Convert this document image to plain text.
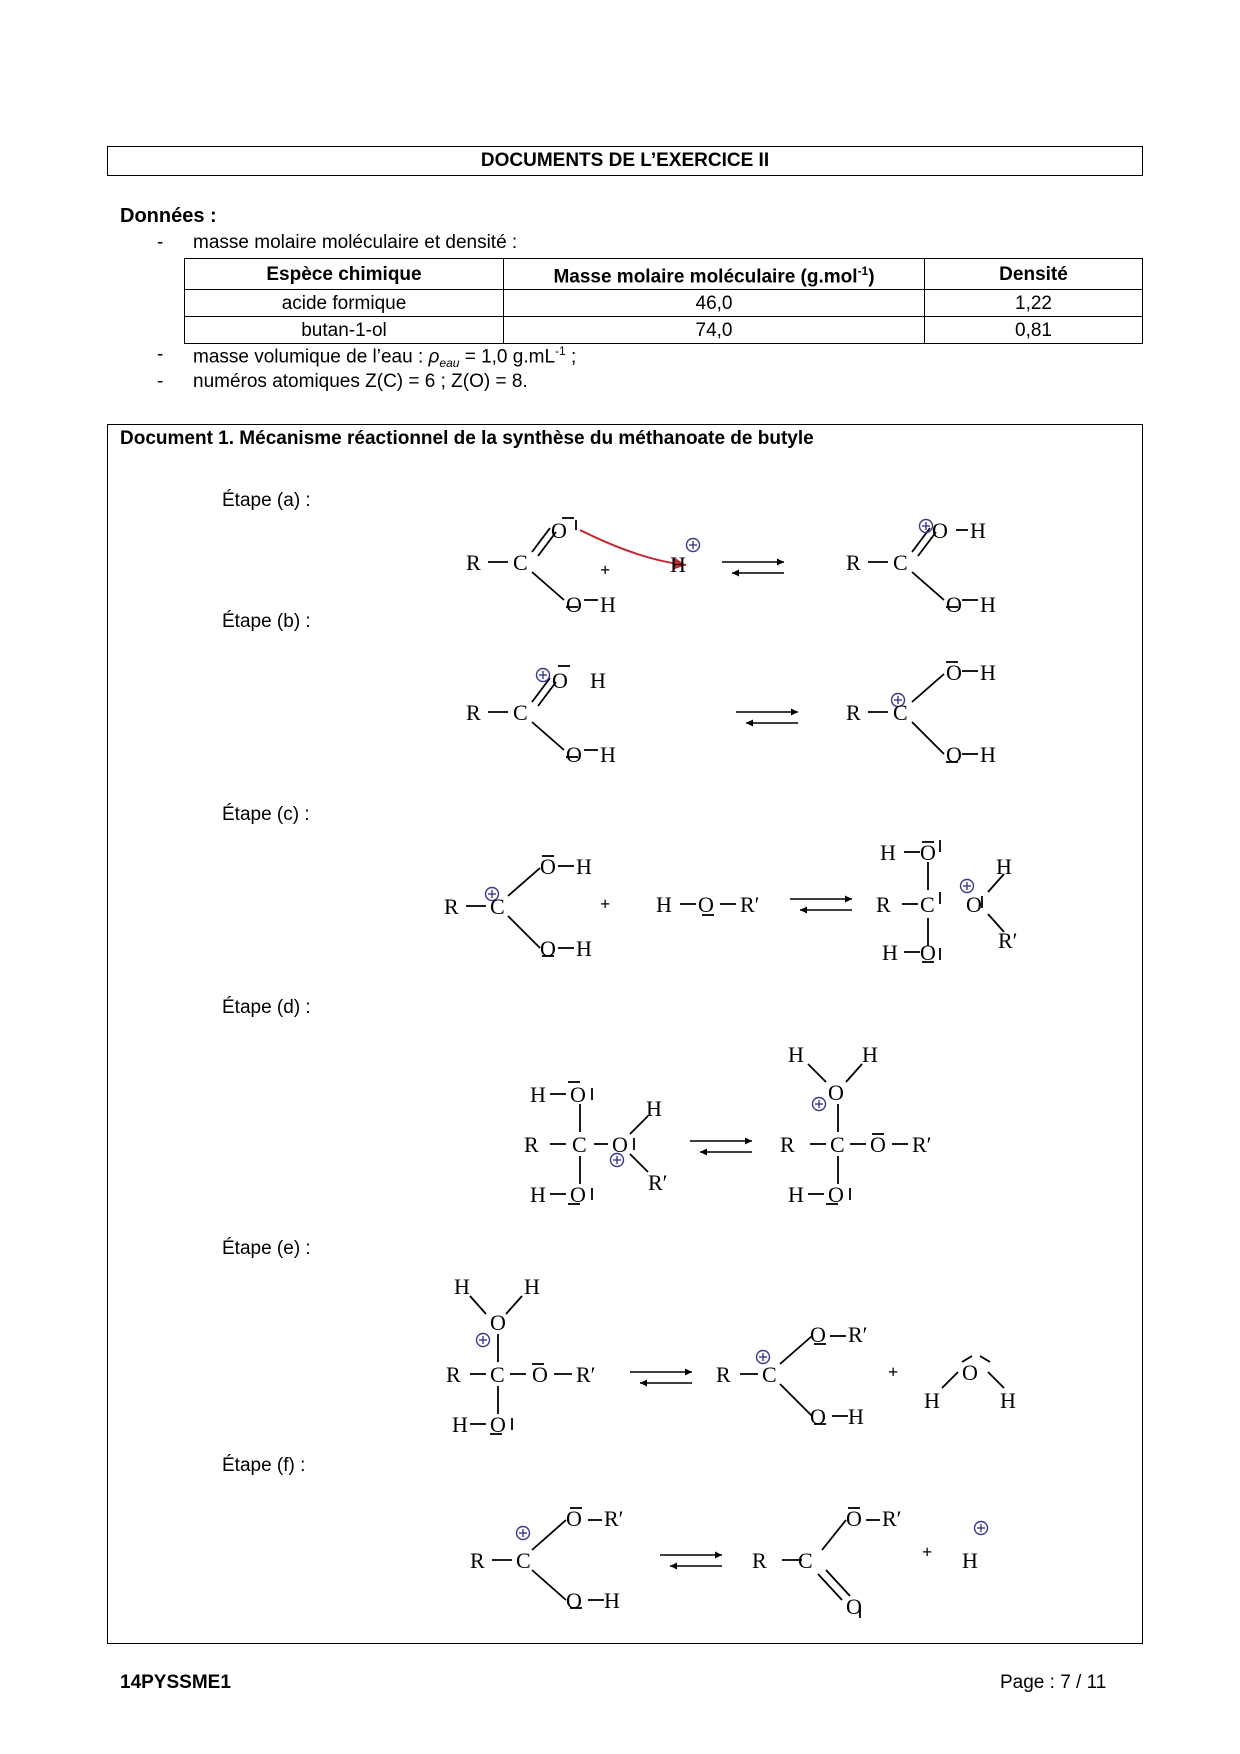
DOCUMENTS DE L’EXERCICE II
Données :
- masse molaire moléculaire et densité :
Espèce chimique	Masse molaire moléculaire (g.mol$^{-1}$)	Densité
acide formique	46,0	1,22
butan-1-ol	74,0	0,81
- masse volumique de l’eau : $\rho_{eau} = 1,0$ $g.mL^{-1}$ ;
- numéros atomiques Z(C) = 6 ; Z(O) = 8.
Document 1. Mécanisme réactionnel de la synthèse du méthanoate de butyle
Étape (a) :
Étape (b) :
Étape (c) :
Étape (d) :
Étape (e) :
Étape (f) :
R C
O
O H
+	H	R C
O H
O H
R C
O H
O H
R C
O H
O H
R C
O H
O H
+ H O R′
H O
R C O
H
R′
H O
H O
R C O
H
R′
H O
H	H
O
R C O R′
H O
H H
O
R C O R′
H O
R C
O R′
O H
+	O
H	H
R C
O R′
O H
R C
O R′
O
+ H
14PYSSME1	Page : 7 / 11
